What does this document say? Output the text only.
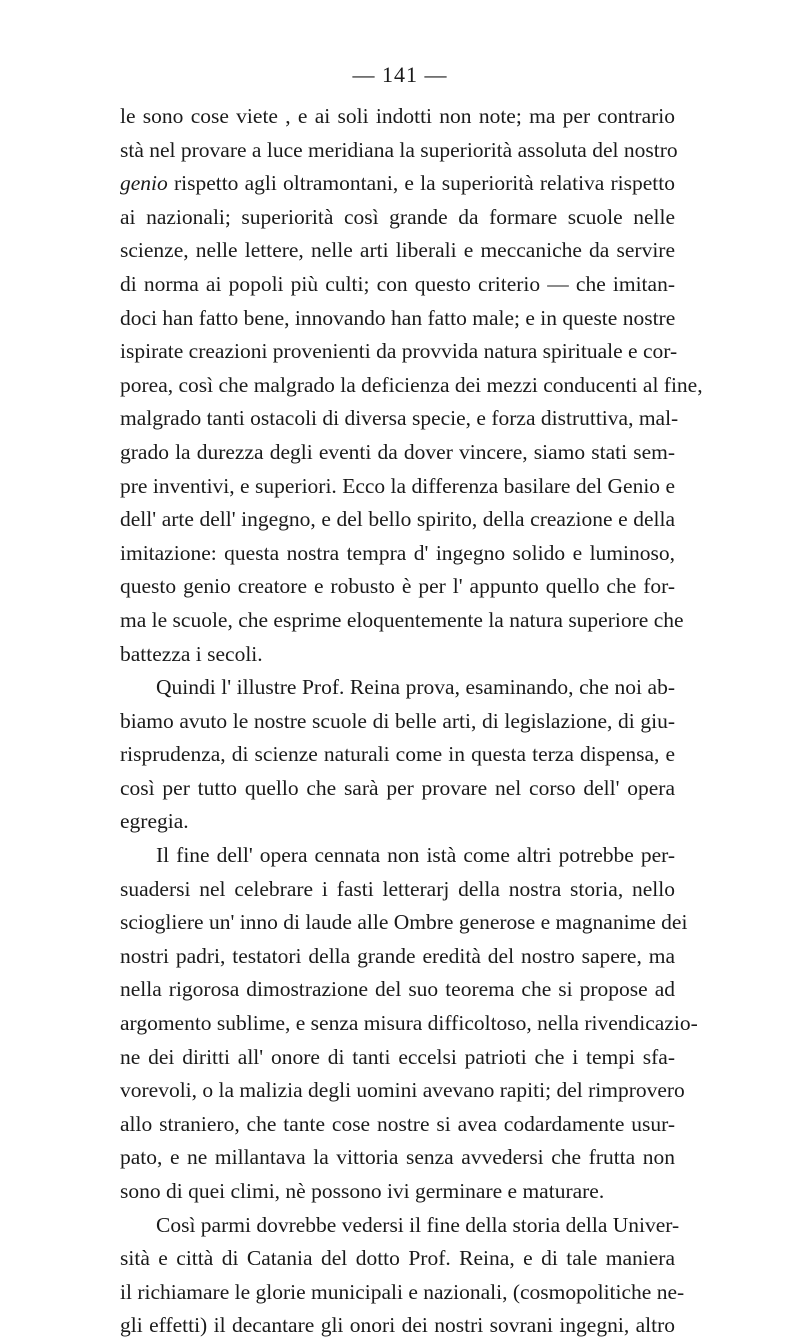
— 141 —
le sono cose viete , e ai soli indotti non note; ma per contrario
stà nel provare a luce meridiana la superiorità assoluta del nostro
genio rispetto agli oltramontani, e la superiorità relativa rispetto
ai nazionali; superiorità così grande da formare scuole nelle
scienze, nelle lettere, nelle arti liberali e meccaniche da servire
di norma ai popoli più culti; con questo criterio — che imitan-
doci han fatto bene, innovando han fatto male; e in queste nostre
ispirate creazioni provenienti da provvida natura spirituale e cor-
porea, così che malgrado la deficienza dei mezzi conducenti al fine,
malgrado tanti ostacoli di diversa specie, e forza distruttiva, mal-
grado la durezza degli eventi da dover vincere, siamo stati sem-
pre inventivi, e superiori. Ecco la differenza basilare del Genio e
dell' arte dell' ingegno, e del bello spirito, della creazione e della
imitazione: questa nostra tempra d' ingegno solido e luminoso,
questo genio creatore e robusto è per l' appunto quello che for-
ma le scuole, che esprime eloquentemente la natura superiore che
battezza i secoli.
Quindi l' illustre Prof. Reina prova, esaminando, che noi ab-
biamo avuto le nostre scuole di belle arti, di legislazione, di giu-
risprudenza, di scienze naturali come in questa terza dispensa, e
così per tutto quello che sarà per provare nel corso dell' opera
egregia.
Il fine dell' opera cennata non istà come altri potrebbe per-
suadersi nel celebrare i fasti letterarj della nostra storia, nello
sciogliere un' inno di laude alle Ombre generose e magnanime dei
nostri padri, testatori della grande eredità del nostro sapere, ma
nella rigorosa dimostrazione del suo teorema che si propose ad
argomento sublime, e senza misura difficoltoso, nella rivendicazio-
ne dei diritti all' onore di tanti eccelsi patrioti che i tempi sfa-
vorevoli, o la malizia degli uomini avevano rapiti; del rimprovero
allo straniero, che tante cose nostre si avea codardamente usur-
pato, e ne millantava la vittoria senza avvedersi che frutta non
sono di quei climi, nè possono ivi germinare e maturare.
Così parmi dovrebbe vedersi il fine della storia della Univer-
sità e città di Catania del dotto Prof. Reina, e di tale maniera
il richiamare le glorie municipali e nazionali, (cosmopolitiche ne-
gli effetti) il decantare gli onori dei nostri sovrani ingegni, altro
